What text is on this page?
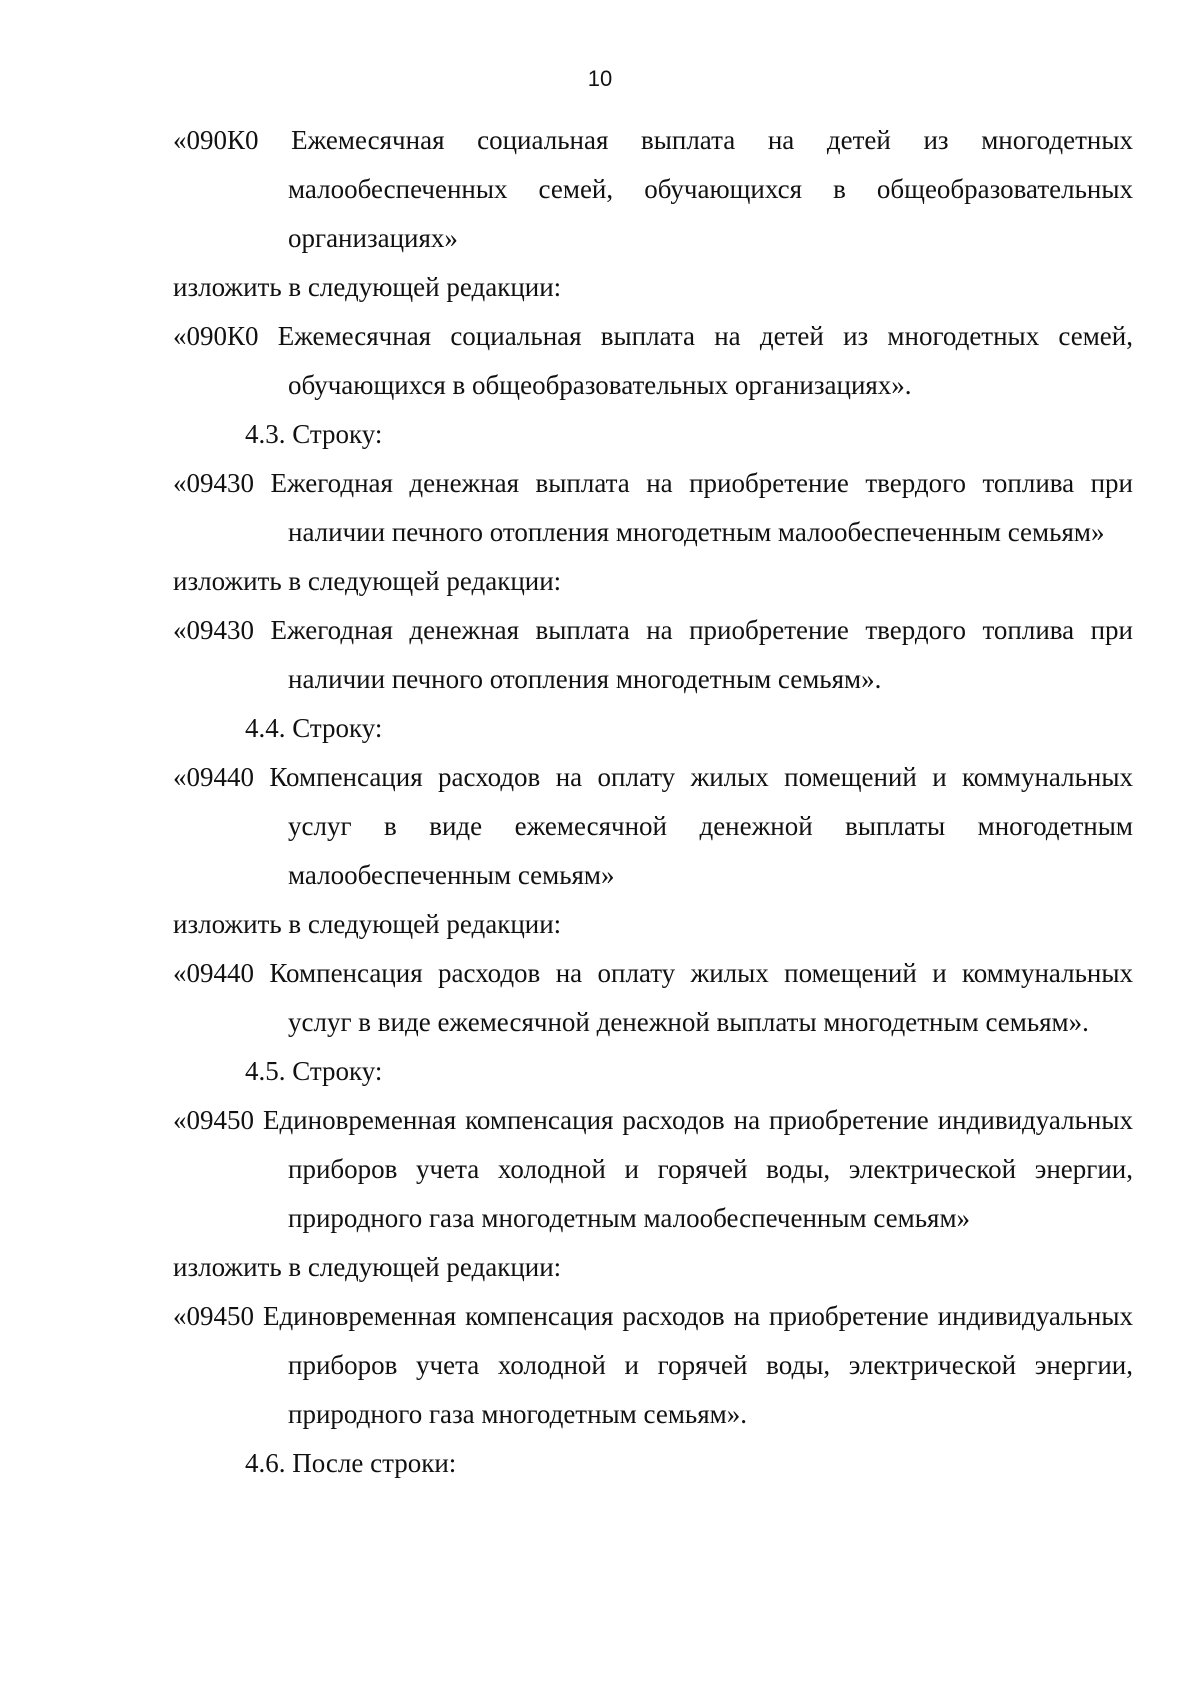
10

«090К0 Ежемесячная социальная выплата на детей из многодетных малообеспеченных семей, обучающихся в общеобразовательных организациях»

изложить в следующей редакции:

«090К0 Ежемесячная социальная выплата на детей из многодетных семей, обучающихся в общеобразовательных организациях».

4.3. Строку:

«09430 Ежегодная денежная выплата на приобретение твердого топлива при наличии печного отопления многодетным малообеспеченным семьям»

изложить в следующей редакции:

«09430 Ежегодная денежная выплата на приобретение твердого топлива при наличии печного отопления многодетным семьям».

4.4. Строку:

«09440 Компенсация расходов на оплату жилых помещений и коммунальных услуг в виде ежемесячной денежной выплаты многодетным малообеспеченным семьям»

изложить в следующей редакции:

«09440 Компенсация расходов на оплату жилых помещений и коммунальных услуг в виде ежемесячной денежной выплаты многодетным семьям».

4.5. Строку:

«09450 Единовременная компенсация расходов на приобретение индивидуальных приборов учета холодной и горячей воды, электрической энергии, природного газа многодетным малообеспеченным семьям»

изложить в следующей редакции:

«09450 Единовременная компенсация расходов на приобретение индивидуальных приборов учета холодной и горячей воды, электрической энергии, природного газа многодетным семьям».

4.6. После строки:
